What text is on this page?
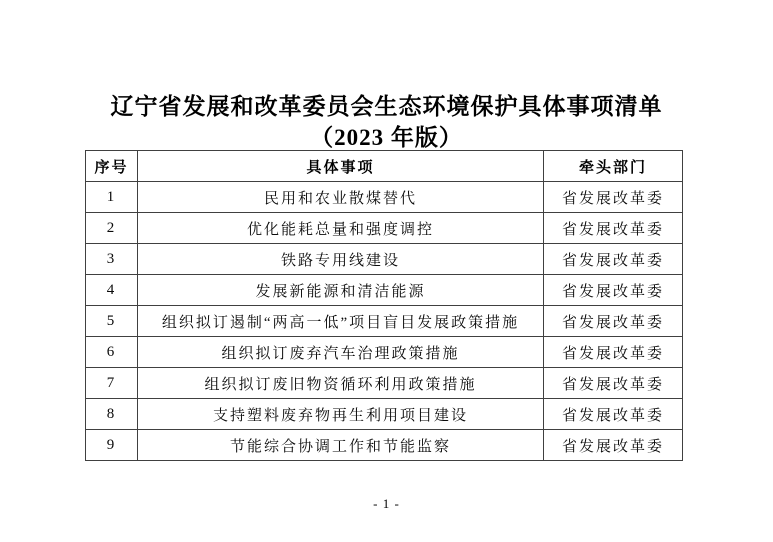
辽宁省发展和改革委员会生态环境保护具体事项清单
（2023 年版）
序号	具体事项	牵头部门
1	民用和农业散煤替代	省发展改革委
2	优化能耗总量和强度调控	省发展改革委
3	铁路专用线建设	省发展改革委
4	发展新能源和清洁能源	省发展改革委
5	组织拟订遏制“两高一低”项目盲目发展政策措施	省发展改革委
6	组织拟订废弃汽车治理政策措施	省发展改革委
7	组织拟订废旧物资循环利用政策措施	省发展改革委
8	支持塑料废弃物再生利用项目建设	省发展改革委
9	节能综合协调工作和节能监察	省发展改革委
- 1 -
